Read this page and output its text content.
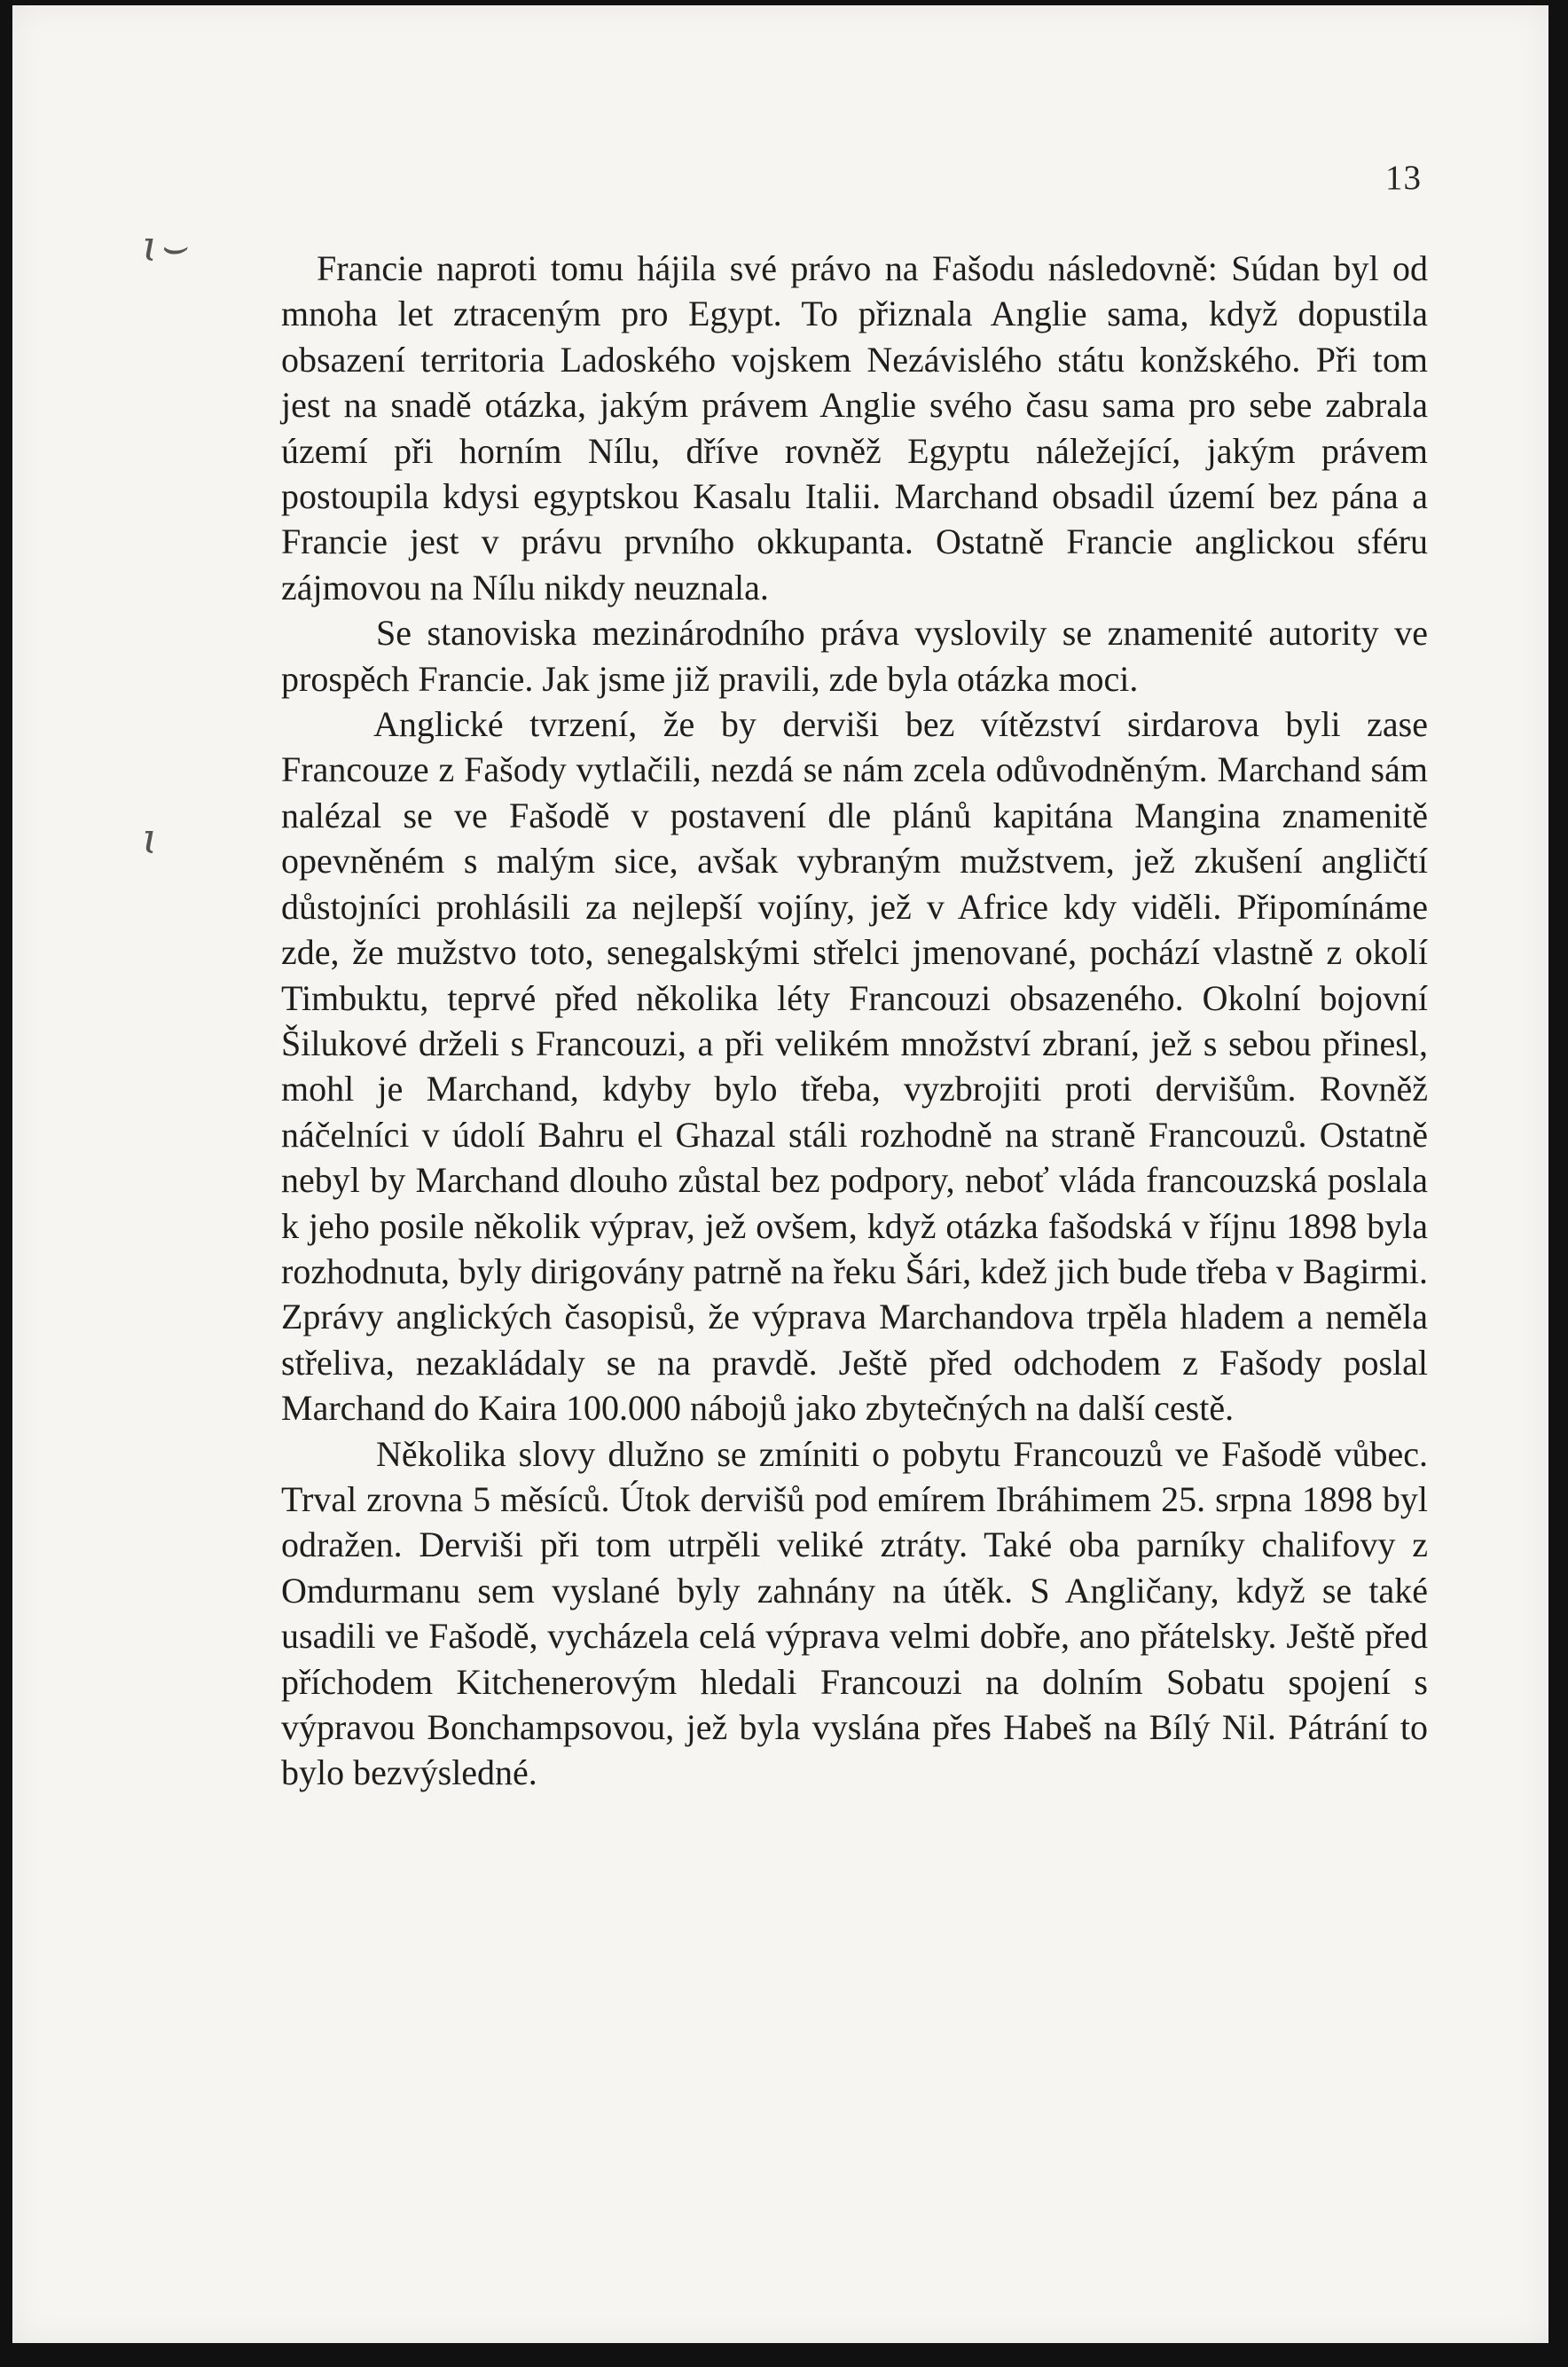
13
ɩ⌣
ɩ

Francie naproti tomu hájila své právo na Fašodu následovně: Súdan byl od mnoha let ztraceným pro Egypt. To přiznala Anglie sama, když dopustila obsazení territoria Ladoského vojskem Nezávislého státu konžského. Při tom jest na snadě otázka, jakým právem Anglie svého času sama pro sebe zabrala území při horním Nílu, dříve rovněž Egyptu náležející, jakým právem postoupila kdysi egyptskou Kasalu Italii. Marchand obsadil území bez pána a Francie jest v právu prvního okkupanta. Ostatně Francie anglickou sféru zájmovou na Nílu nikdy neuznala.

Se stanoviska mezinárodního práva vyslovily se znamenité autority ve prospěch Francie. Jak jsme již pravili, zde byla otázka moci.

Anglické tvrzení, že by derviši bez vítězství sirdarova byli zase Francouze z Fašody vytlačili, nezdá se nám zcela odůvodněným. Marchand sám nalézal se ve Fašodě v postavení dle plánů kapitána Mangina znamenitě opevněném s malým sice, avšak vybraným mužstvem, jež zkušení angličtí důstojníci prohlásili za nejlepší vojíny, jež v Africe kdy viděli. Připomínáme zde, že mužstvo toto, senegalskými střelci jmenované, pochází vlastně z okolí Timbuktu, teprvé před několika léty Francouzi obsazeného. Okolní bojovní Šilukové drželi s Francouzi, a při velikém množství zbraní, jež s sebou přinesl, mohl je Marchand, kdyby bylo třeba, vyzbrojiti proti dervišům. Rovněž náčelníci v údolí Bahru el Ghazal stáli rozhodně na straně Francouzů. Ostatně nebyl by Marchand dlouho zůstal bez podpory, neboť vláda francouzská poslala k jeho posile několik výprav, jež ovšem, když otázka fašodská v říjnu 1898 byla rozhodnuta, byly dirigovány patrně na řeku Šári, kdež jich bude třeba v Bagirmi. Zprávy anglických časopisů, že výprava Marchandova trpěla hladem a neměla střeliva, nezakládaly se na pravdě. Ještě před odchodem z Fašody poslal Marchand do Kaira 100.000 nábojů jako zbytečných na další cestě.

Několika slovy dlužno se zmíniti o pobytu Francouzů ve Fašodě vůbec. Trval zrovna 5 měsíců. Útok dervišů pod emírem Ibráhimem 25. srpna 1898 byl odražen. Derviši při tom utrpěli veliké ztráty. Také oba parníky chalifovy z Omdurmanu sem vyslané byly zahnány na útěk. S Angličany, když se také usadili ve Fašodě, vycházela celá výprava velmi dobře, ano přátelsky. Ještě před příchodem Kitchenerovým hledali Francouzi na dolním Sobatu spojení s výpravou Bonchampsovou, jež byla vyslána přes Habeš na Bílý Nil. Pátrání to bylo bezvýsledné.
